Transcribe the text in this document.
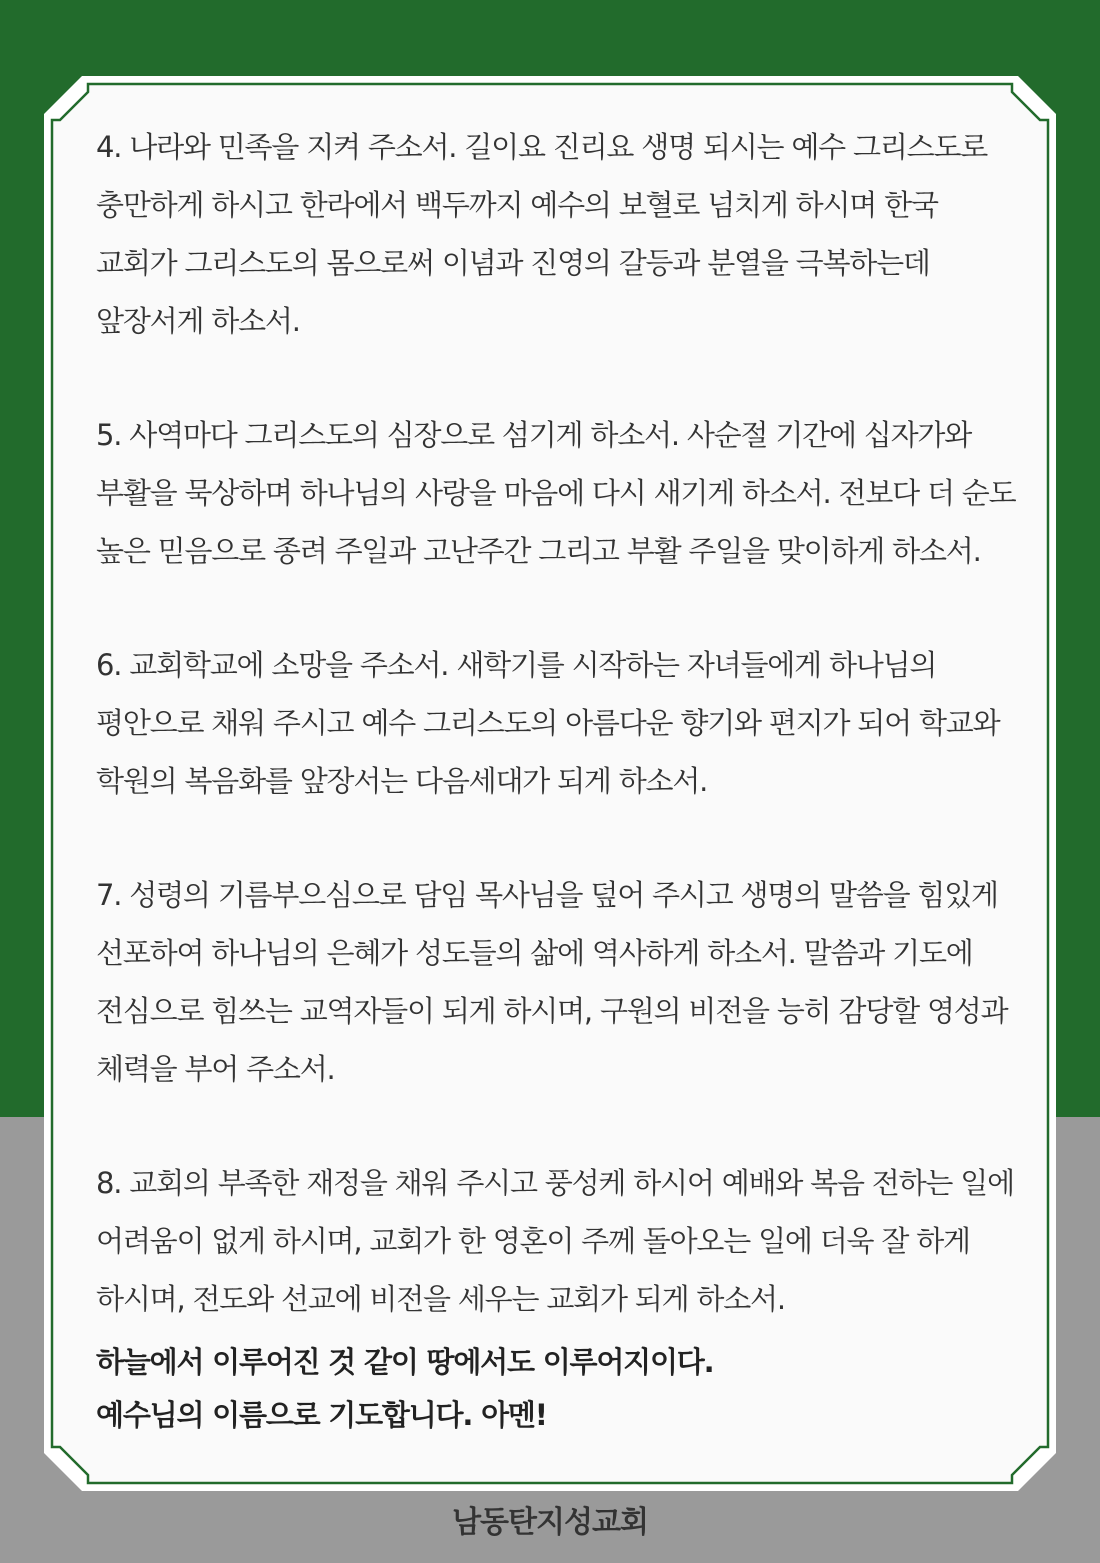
4. 나라와 민족을 지켜 주소서. 길이요 진리요 생명 되시는 예수 그리스도로 충만하게 하시고 한라에서 백두까지 예수의 보혈로 넘치게 하시며 한국 교회가 그리스도의 몸으로써 이념과 진영의 갈등과 분열을 극복하는데 앞장서게 하소서.

5. 사역마다 그리스도의 심장으로 섬기게 하소서. 사순절 기간에 십자가와 부활을 묵상하며 하나님의 사랑을 마음에 다시 새기게 하소서. 전보다 더 순도 높은 믿음으로 종려 주일과 고난주간 그리고 부활 주일을 맞이하게 하소서.

6. 교회학교에 소망을 주소서. 새학기를 시작하는 자녀들에게 하나님의 평안으로 채워 주시고 예수 그리스도의 아름다운 향기와 편지가 되어 학교와 학원의 복음화를 앞장서는 다음세대가 되게 하소서.

7. 성령의 기름부으심으로 담임 목사님을 덮어 주시고 생명의 말씀을 힘있게 선포하여 하나님의 은혜가 성도들의 삶에 역사하게 하소서. 말씀과 기도에 전심으로 힘쓰는 교역자들이 되게 하시며, 구원의 비전을 능히 감당할 영성과 체력을 부어 주소서.

8. 교회의 부족한 재정을 채워 주시고 풍성케 하시어 예배와 복음 전하는 일에 어려움이 없게 하시며, 교회가 한 영혼이 주께 돌아오는 일에 더욱 잘 하게 하시며, 전도와 선교에 비전을 세우는 교회가 되게 하소서.

하늘에서 이루어진 것 같이 땅에서도 이루어지이다.

예수님의 이름으로 기도합니다. 아멘!

남동탄지성교회
